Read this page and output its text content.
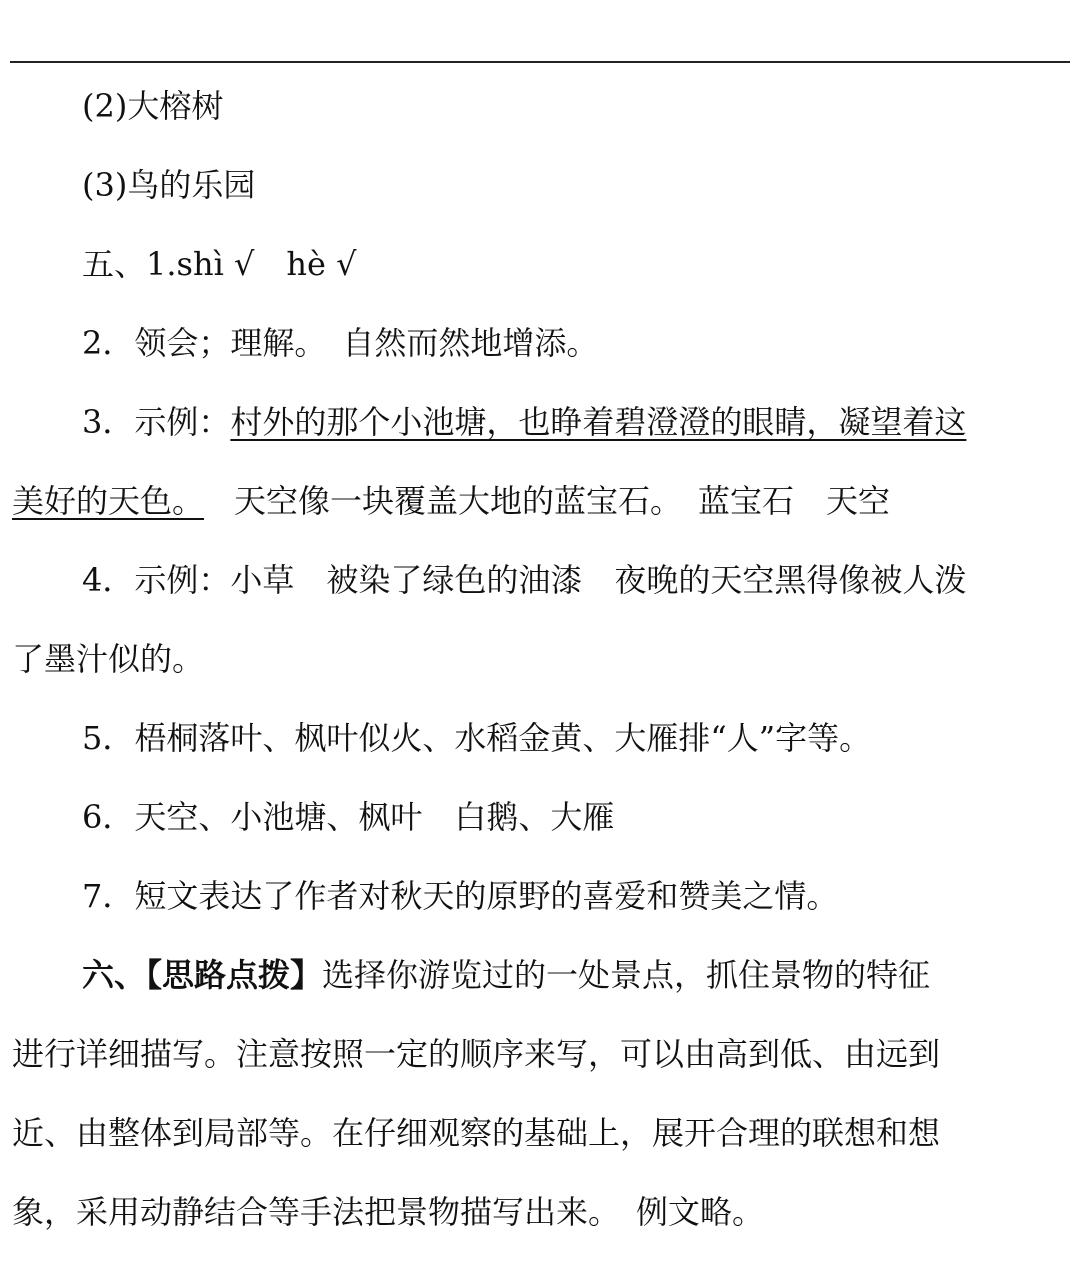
(2)大榕树
(3)鸟的乐园
五、1.shì √　hè √
2．领会；理解。　自然而然地增添。
3．示例：村外的那个小池塘，也睁着碧澄澄的眼睛，凝望着这
美好的天色。 天空像一块覆盖大地的蓝宝石。　蓝宝石　天空
4．示例：小草　被染了绿色的油漆　夜晚的天空黑得像被人泼
了墨汁似的。
5．梧桐落叶、枫叶似火、水稻金黄、大雁排“人”字等。
6．天空、小池塘、枫叶　白鹅、大雁
7．短文表达了作者对秋天的原野的喜爱和赞美之情。
六、【思路点拨】选择你游览过的一处景点，抓住景物的特征
进行详细描写。注意按照一定的顺序来写，可以由高到低、由远到
近、由整体到局部等。在仔细观察的基础上，展开合理的联想和想
象，采用动静结合等手法把景物描写出来。　例文略。
